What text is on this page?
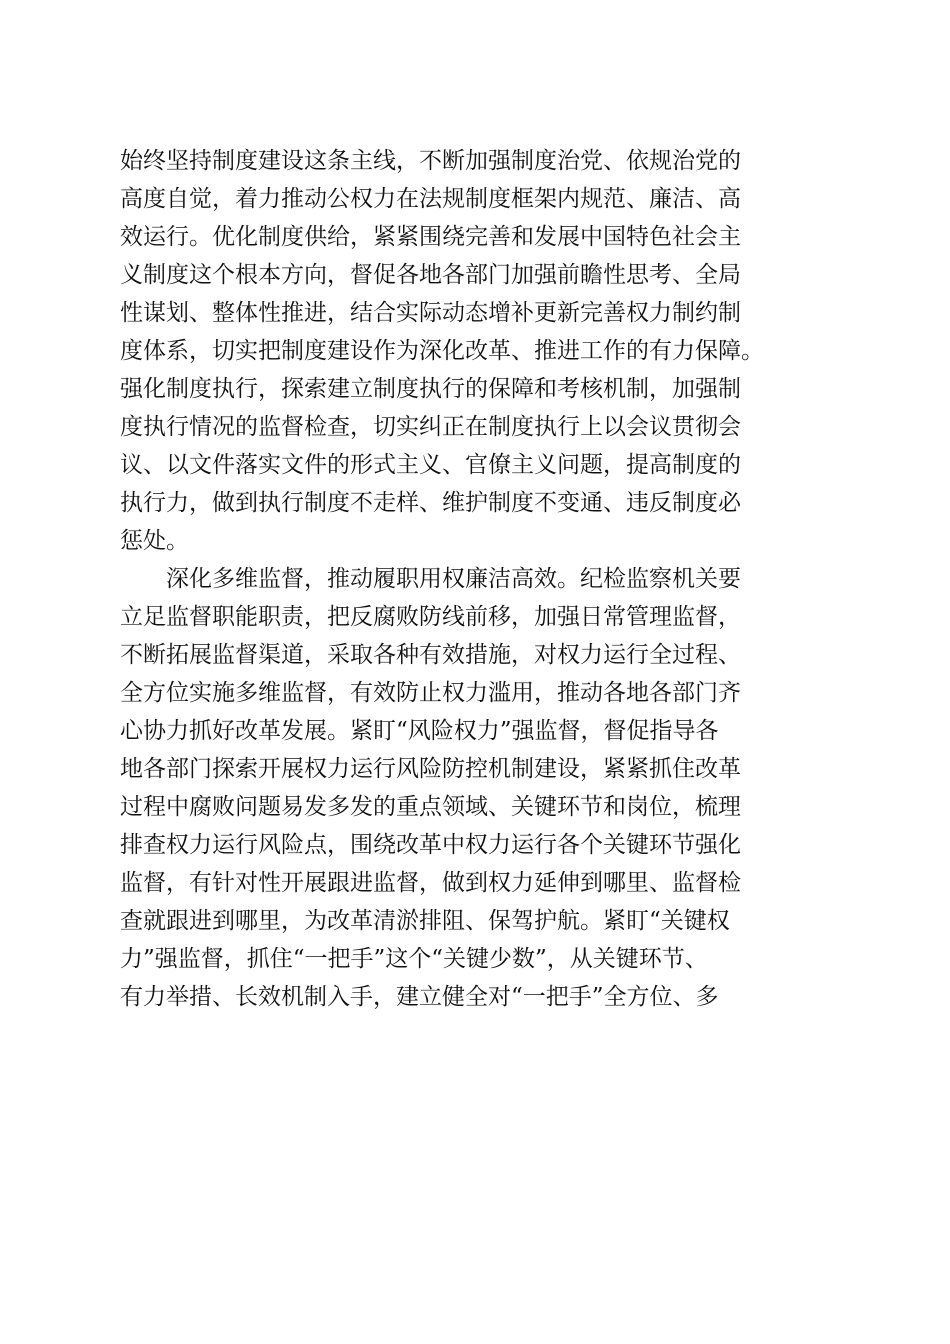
始终坚持制度建设这条主线，不断加强制度治党、依规治党的
高度自觉，着力推动公权力在法规制度框架内规范、廉洁、高
效运行。优化制度供给，紧紧围绕完善和发展中国特色社会主
义制度这个根本方向，督促各地各部门加强前瞻性思考、全局
性谋划、整体性推进，结合实际动态增补更新完善权力制约制
度体系，切实把制度建设作为深化改革、推进工作的有力保障。
强化制度执行，探索建立制度执行的保障和考核机制，加强制
度执行情况的监督检查，切实纠正在制度执行上以会议贯彻会
议、以文件落实文件的形式主义、官僚主义问题，提高制度的
执行力，做到执行制度不走样、维护制度不变通、违反制度必
惩处。
深化多维监督，推动履职用权廉洁高效。纪检监察机关要
立足监督职能职责，把反腐败防线前移，加强日常管理监督，
不断拓展监督渠道，采取各种有效措施，对权力运行全过程、
全方位实施多维监督，有效防止权力滥用，推动各地各部门齐
心协力抓好改革发展。紧盯“风险权力”强监督，督促指导各
地各部门探索开展权力运行风险防控机制建设，紧紧抓住改革
过程中腐败问题易发多发的重点领域、关键环节和岗位，梳理
排查权力运行风险点，围绕改革中权力运行各个关键环节强化
监督，有针对性开展跟进监督，做到权力延伸到哪里、监督检
查就跟进到哪里，为改革清淤排阻、保驾护航。紧盯“关键权
力”强监督，抓住“一把手”这个“关键少数”，从关键环节、
有力举措、长效机制入手，建立健全对“一把手”全方位、多
